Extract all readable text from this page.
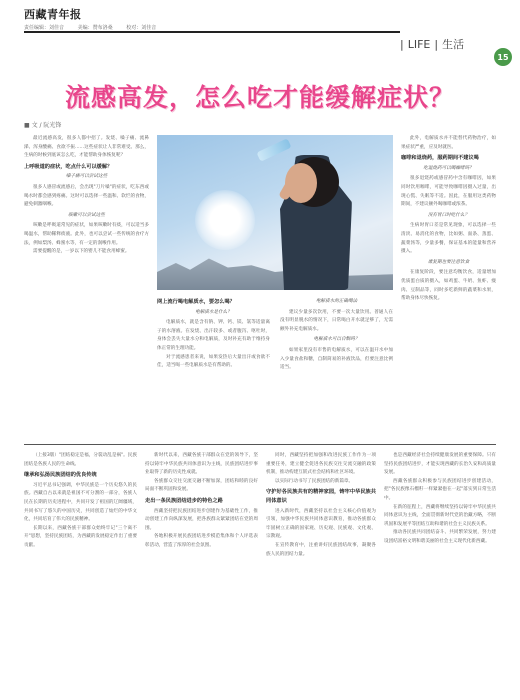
西藏青年报
责任编辑：刘佳音	美编：赞布洛桑	校对：刘佳音
| LIFE | 生活
15
流感高发，怎么吃才能缓解症状？
■ 文 / 阮光锋

最近流感高发，很多人都中招了。发烧、嗓子痛、流鼻涕、浑身酸痛、食欲不振……这些症状让人非常难受。那么，生病的时候到底该怎么吃，才能帮助身体恢复呢？

上呼吸道的症状，吃点什么可以缓解？

嗓子痛可以尝试这些

很多人感冒或流感后，会出现"刀片嗓"的症状，吃东西或喝水时都会感到疼痛。这时可以选择一些温和、软烂的食物，避免刺激咽喉。

咳嗽可以尝试这些

咳嗽是呼吸道常见的症状，如果咳嗽时有痰，可以适当多喝温水，帮助稀释痰液。此外，也可以尝试一些传统的食疗方法，例如梨汤、蜂蜜水等，有一定的润喉作用。

需要提醒的是，一岁以下的婴儿不能食用蜂蜜。

网上流行喝电解质水，要怎么喝？

电解质水是什么？

电解质水，就是含有钠、钾、钙、镁、氯等适量离子的水溶液。在发烧、出汗较多、或者腹泻、呕吐时，身体会丢失大量水分和电解质，及时补充有助于维持身体正常的生理功能。

对于流感患者来说，如果发热后大量出汗或食欲不佳，适当喝一些电解质水是有帮助的。

电解质水的正确喝法

建议少量多次饮用，不要一次大量饮用。普通人在没有明显脱水的情况下，日常喝白开水就足够了，无需额外补充电解质水。

电解质水可以自制吗？

如果家里没有市售的电解质水，可以在温开水中加入少量食盐和糖，自制简易的补液饮品，但要注意比例适当。

此外，电解质水并不能替代药物治疗，如果症状严重，应及时就医。

咖啡和退烧药，服药期间不建议喝

吃退烧药可以喝咖啡吗？

很多退烧药或感冒药中含有咖啡因，如果同时饮用咖啡，可能导致咖啡因摄入过量，出现心慌、失眠等不适。因此，在服用这类药物期间，不建议额外喝咖啡或浓茶。

没有胃口时吃什么？

生病时胃口差是常见现象，可以选择一些清淡、易消化的食物，比如粥、面条、蒸蛋、蔬菜汤等，少量多餐，保证基本的能量和营养摄入。

康复期也要注意饮食

在康复阶段，要注意均衡饮食，适量增加优质蛋白质的摄入，如鸡蛋、牛奶、鱼虾、瘦肉、豆制品等，同时多吃新鲜的蔬菜和水果，帮助身体尽快恢复。

（上接3版）"团结稳定是福，分裂动乱是祸"。民族团结是各族人民的生命线。

继承和弘扬民族团结的优良传统

习近平总书记强调，中华民族是一个历史悠久的民族。西藏自古以来就是祖国不可分割的一部分，各族人民在长期的历史进程中，共同开发了祖国的辽阔疆域，共同书写了悠久的中国历史，共同创造了灿烂的中华文化，共同培育了伟大的民族精神。

长期以来，西藏各族干部群众始终牢记"三个离不开"思想，坚持民族团结，为西藏的发展稳定作出了重要贡献。

新时代以来，西藏各族干部群众在党的领导下，坚持以铸牢中华民族共同体意识为主线，民族团结进步事业取得了新的历史性成就。

各族群众交往交流交融不断加深，团结和睦的良好局面不断巩固和发展。

走出一条民族团结进步的特色之路

西藏坚持把民族团结进步创建作为基础性工作，推动创建工作向纵深发展，把各族群众紧紧团结在党的周围。

各地积极开展民族团结进步模范集体和个人评选表彰活动，营造了浓厚的社会氛围。

同时，西藏坚持把加强和改进民族工作作为一项重要任务，建立健全促进各民族交往交流交融的政策机制，推动构建互嵌式社会结构和社区环境。

以实际行动书写了民族团结的新篇章。

守护好各民族共有的精神家园，铸牢中华民族共同体意识

进入新时代，西藏坚持以社会主义核心价值观为引领，加强中华民族共同体意识教育，推动各族群众牢固树立正确的国家观、历史观、民族观、文化观、宗教观。

在宣传教育中，注重讲好民族团结故事，凝聚各族人民的团结力量。

也是西藏经济社会持续健康发展的重要保障。只有坚持民族团结进步，才能实现西藏的长治久安和高质量发展。

西藏各族群众积极参与民族团结进步创建活动，把"各民族像石榴籽一样紧紧抱在一起"落实到日常生活中。

在新的征程上，西藏将继续坚持以铸牢中华民族共同体意识为主线，全面贯彻新时代党的治藏方略，不断巩固和发展平等团结互助和谐的社会主义民族关系。

推动各民族共同团结奋斗、共同繁荣发展，努力建设团结富裕文明和谐美丽的社会主义现代化新西藏。
